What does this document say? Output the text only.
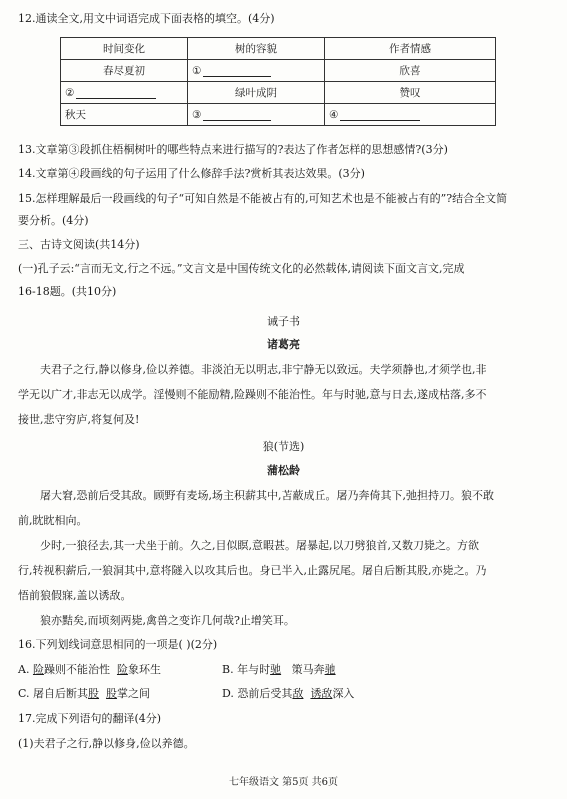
12.通读全文,用文中词语完成下面表格的填空。(4分)
时间变化	树的容貌	作者情感
春尽夏初	①	欣喜
②	绿叶成阴	赞叹
秋天	③	④
13.文章第③段抓住梧桐树叶的哪些特点来进行描写的?表达了作者怎样的思想感情?(3分)
14.文章第④段画线的句子运用了什么修辞手法?赏析其表达效果。(3分)
15.怎样理解最后一段画线的句子“可知自然是不能被占有的,可知艺术也是不能被占有的”?结合全文简
要分析。(4分)
三、古诗文阅读(共14分)
(一)孔子云:“言而无文,行之不远。”文言文是中国传统文化的必然载体,请阅读下面文言文,完成
16-18题。(共10分)
诫子书
诸葛亮
夫君子之行,静以修身,俭以养德。非淡泊无以明志,非宁静无以致远。夫学须静也,才须学也,非
学无以广才,非志无以成学。淫慢则不能励精,险躁则不能治性。年与时驰,意与日去,遂成枯落,多不
接世,悲守穷庐,将复何及!
狼(节选)
蒲松龄
屠大窘,恐前后受其敌。顾野有麦场,场主积薪其中,苫蔽成丘。屠乃奔倚其下,弛担持刀。狼不敢
前,眈眈相向。
少时,一狼径去,其一犬坐于前。久之,目似瞑,意暇甚。屠暴起,以刀劈狼首,又数刀毙之。方欲
行,转视积薪后,一狼洞其中,意将隧入以攻其后也。身已半入,止露尻尾。屠自后断其股,亦毙之。乃
悟前狼假寐,盖以诱敌。
狼亦黠矣,而顷刻两毙,禽兽之变诈几何哉?止增笑耳。
16.下列划线词意思相同的一项是( )(2分)
A. 险躁则不能治性 险象环生	B. 年与时驰 策马奔驰
C. 屠自后断其股 股掌之间	D. 恐前后受其敌 诱敌深入
17.完成下列语句的翻译(4分)
(1)夫君子之行,静以修身,俭以养德。
七年级语文 第5页 共6页
